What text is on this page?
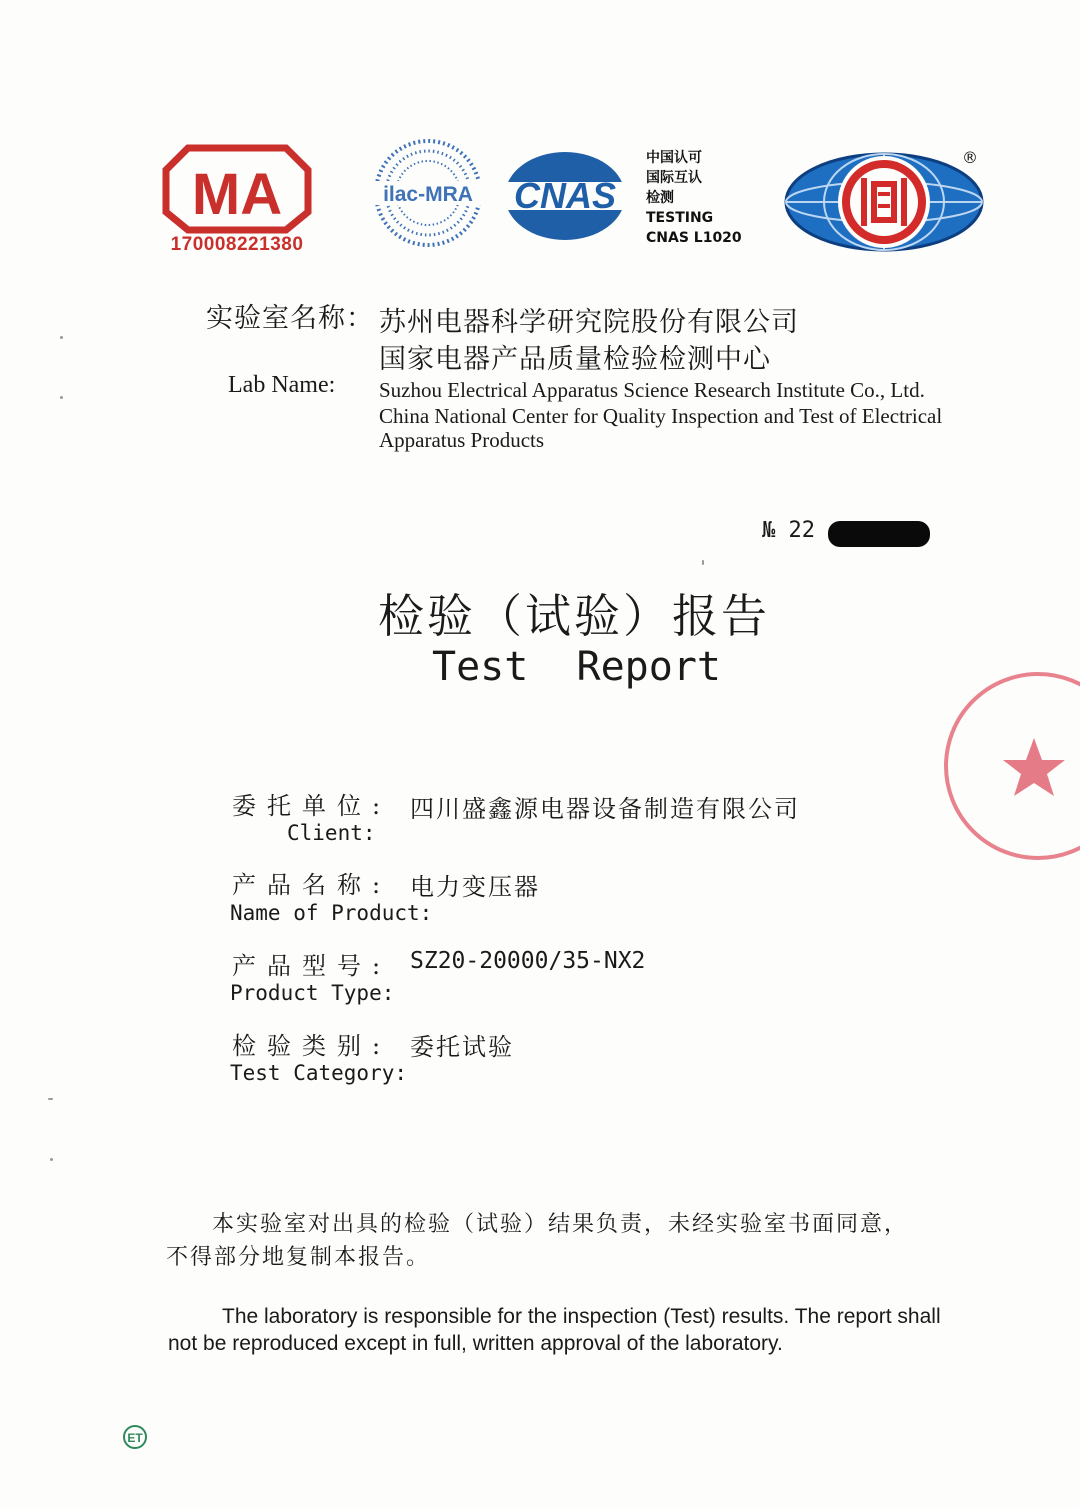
MA
170008221380
ilac-MRA CNAS
中国认可
国际互认
检测
TESTING
CNAS L1020
®
实验室名称： 苏州电器科学研究院股份有限公司
国家电器产品质量检验检测中心
Lab Name: Suzhou Electrical Apparatus Science Research Institute Co., Ltd.
China National Center for Quality Inspection and Test of Electrical
Apparatus Products
№ 22
检验（试验）报告
Test  Report
委托单位: 四川盛鑫源电器设备制造有限公司
Client:
产品名称: 电力变压器
Name of Product:
产品型号: SZ20-20000/35-NX2
Product Type:
检验类别: 委托试验
Test Category:
本实验室对出具的检验（试验）结果负责，未经实验室书面同意，
不得部分地复制本报告。
The laboratory is responsible for the inspection (Test) results. The report shall
not be reproduced except in full, written approval of the laboratory.
ET
